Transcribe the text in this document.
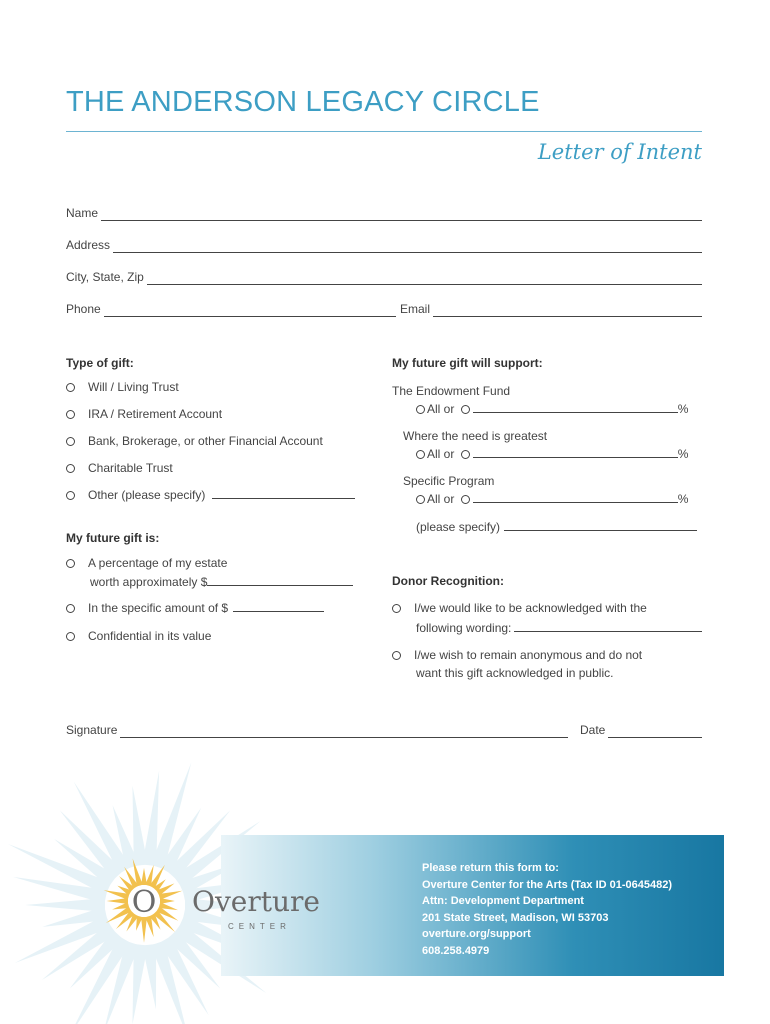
THE ANDERSON LEGACY CIRCLE
Letter of Intent
Name
Address
City, State, Zip
Phone	Email
Type of gift:
Will / Living Trust
IRA / Retirement Account
Bank, Brokerage, or other Financial Account
Charitable Trust
Other (please specify)
My future gift is:
A percentage of my estate
worth approximately $
In the specific amount of $
Confidential in its value
My future gift will support:
The Endowment Fund
All or	%
Where the need is greatest
All or	%
Specific Program
All or	%
(please specify)
Donor Recognition:
I/we would like to be acknowledged with the
following wording:
I/we wish to remain anonymous and do not
want this gift acknowledged in public.
Signature	Date
Please return this form to:
Overture Center for the Arts (Tax ID 01-0645482)
Attn: Development Department
201 State Street, Madison, WI 53703
overture.org/support
608.258.4979
O Overture
CENTER
